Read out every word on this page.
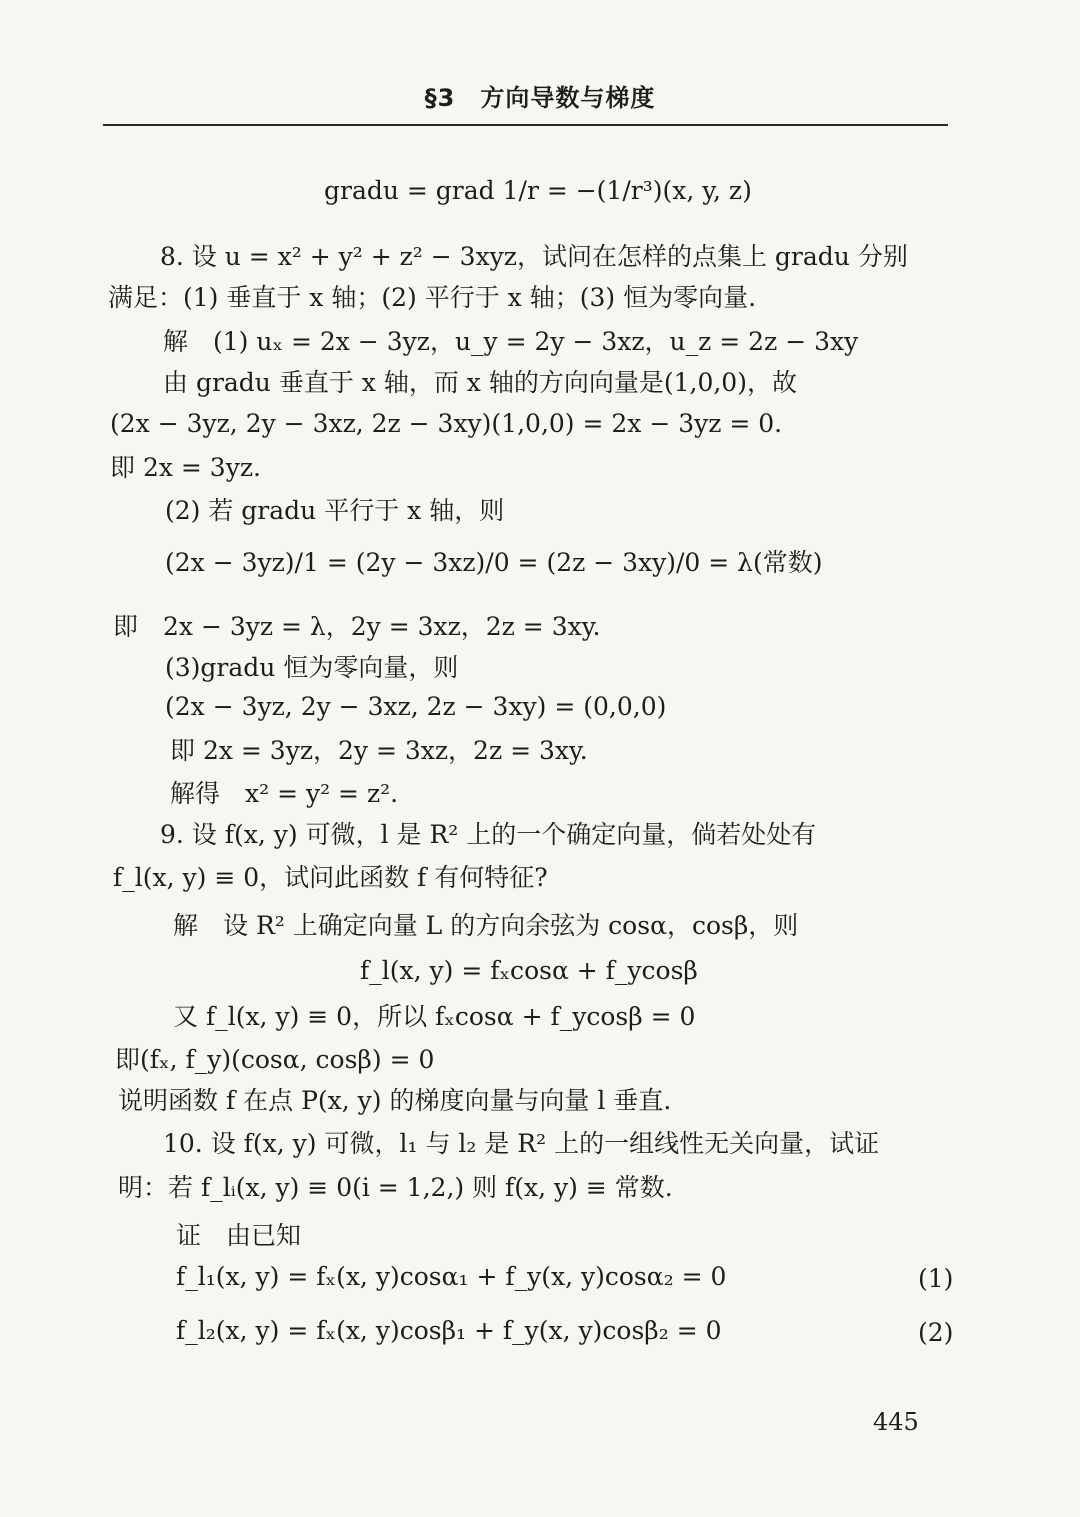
§3　方向导数与梯度
gradu = grad 1/r = −(1/r³)(x, y, z)
8. 设 u = x² + y² + z² − 3xyz，试问在怎样的点集上 gradu 分别
满足：(1) 垂直于 x 轴；(2) 平行于 x 轴；(3) 恒为零向量.
解　(1) uₓ = 2x − 3yz，u_y = 2y − 3xz，u_z = 2z − 3xy
由 gradu 垂直于 x 轴，而 x 轴的方向向量是(1,0,0)，故
(2x − 3yz, 2y − 3xz, 2z − 3xy)(1,0,0) = 2x − 3yz = 0.
即 2x = 3yz.
(2) 若 gradu 平行于 x 轴，则
(2x − 3yz)/1 = (2y − 3xz)/0 = (2z − 3xy)/0 = λ(常数)
即　2x − 3yz = λ，2y = 3xz，2z = 3xy.
(3)gradu 恒为零向量，则
(2x − 3yz, 2y − 3xz, 2z − 3xy) = (0,0,0)
即 2x = 3yz，2y = 3xz，2z = 3xy.
解得　x² = y² = z².
9. 设 f(x, y) 可微，l 是 R² 上的一个确定向量，倘若处处有
f_l(x, y) ≡ 0，试问此函数 f 有何特征?
解　设 R² 上确定向量 L 的方向余弦为 cosα，cosβ，则
f_l(x, y) = fₓcosα + f_ycosβ
又 f_l(x, y) ≡ 0，所以 fₓcosα + f_ycosβ = 0
即(fₓ, f_y)(cosα, cosβ) = 0
说明函数 f 在点 P(x, y) 的梯度向量与向量 l 垂直.
10. 设 f(x, y) 可微，l₁ 与 l₂ 是 R² 上的一组线性无关向量，试证
明：若 f_lᵢ(x, y) ≡ 0(i = 1,2,) 则 f(x, y) ≡ 常数.
证　由已知
f_l₁(x, y) = fₓ(x, y)cosα₁ + f_y(x, y)cosα₂ = 0	(1)
f_l₂(x, y) = fₓ(x, y)cosβ₁ + f_y(x, y)cosβ₂ = 0	(2)
445
